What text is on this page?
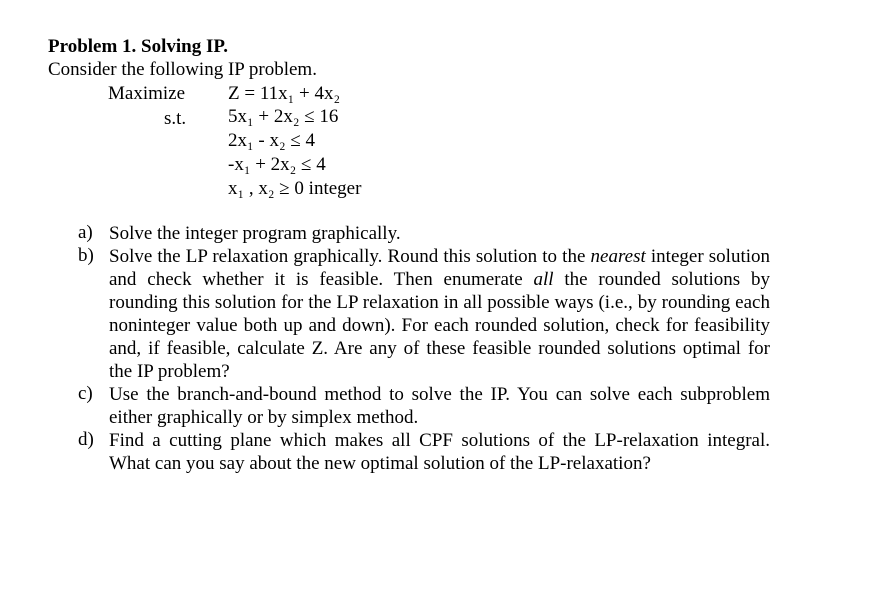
Problem 1. Solving IP.
Consider the following IP problem.
Maximize Z = 11x₁ + 4x₂
s.t. 5x₁ + 2x₂ ≤ 16
2x₁ - x₂ ≤ 4
-x₁ + 2x₂ ≤ 4
x₁ , x₂ ≥ 0 integer
a) Solve the integer program graphically.
b) Solve the LP relaxation graphically. Round this solution to the nearest integer solution and check whether it is feasible. Then enumerate all the rounded solutions by rounding this solution for the LP relaxation in all possible ways (i.e., by rounding each noninteger value both up and down). For each rounded solution, check for feasibility and, if feasible, calculate Z. Are any of these feasible rounded solutions optimal for the IP problem?
c) Use the branch-and-bound method to solve the IP. You can solve each subproblem either graphically or by simplex method.
d) Find a cutting plane which makes all CPF solutions of the LP-relaxation integral. What can you say about the new optimal solution of the LP-relaxation?
